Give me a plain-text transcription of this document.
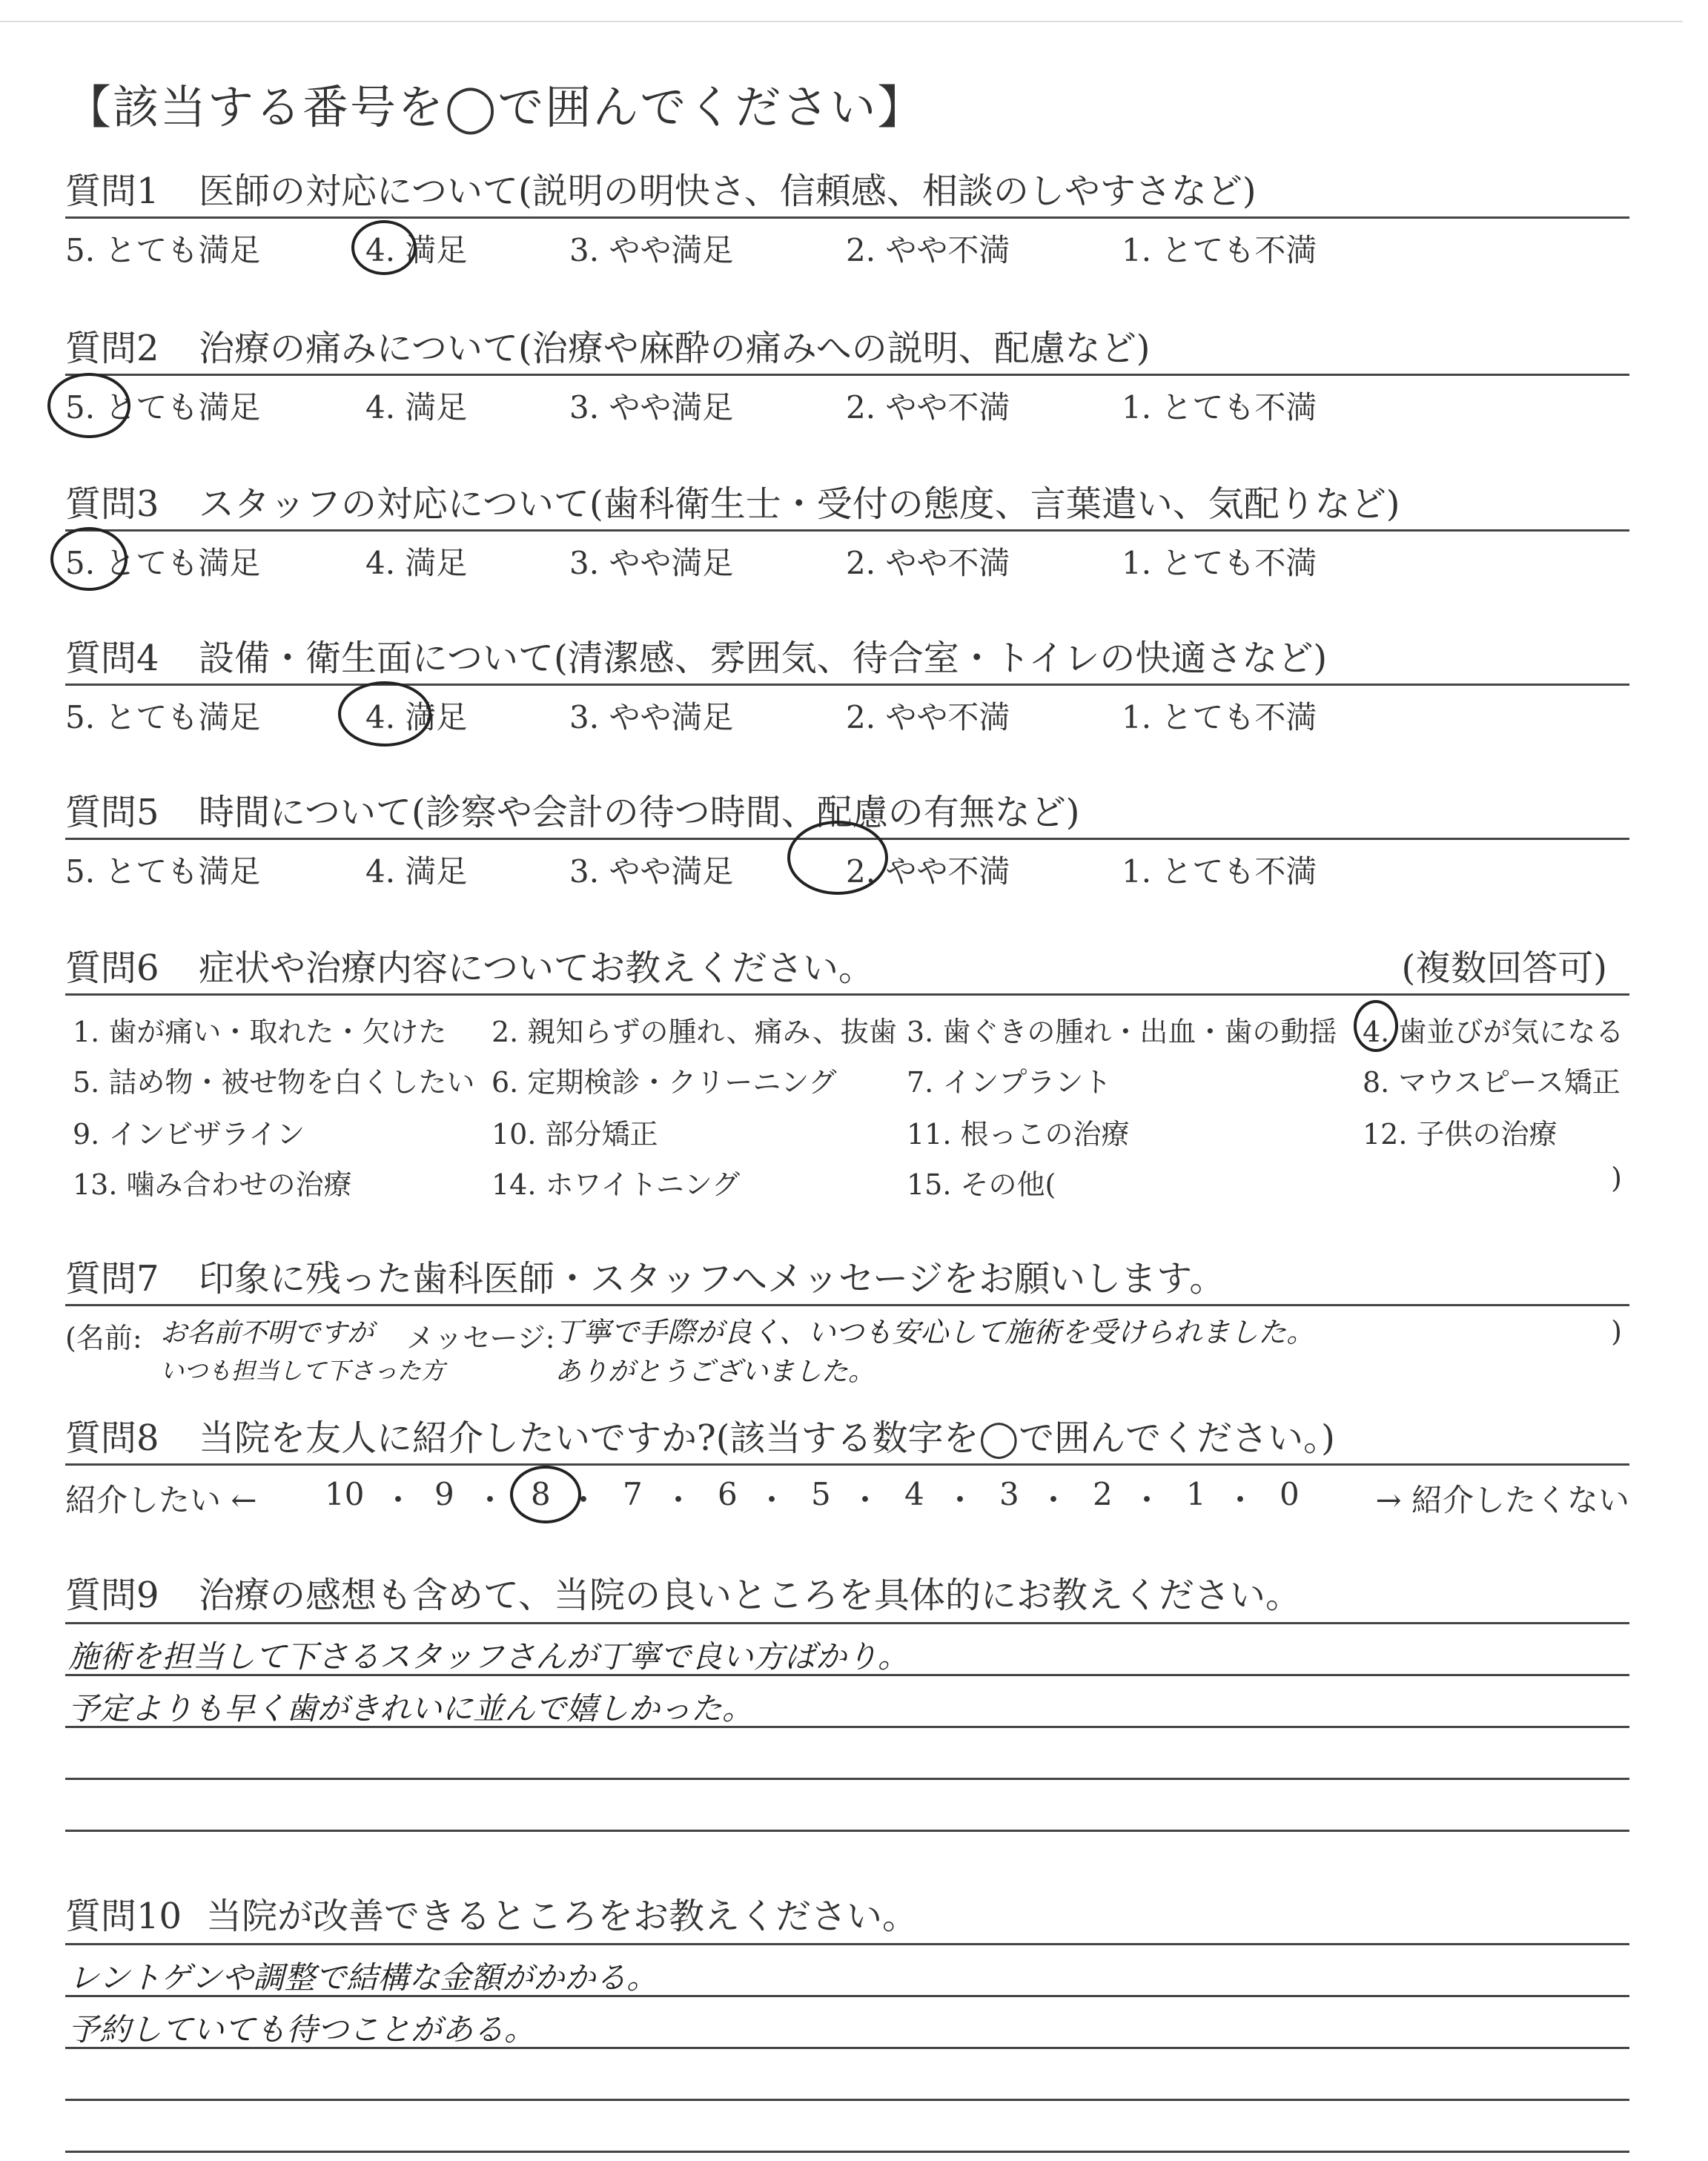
【該当する番号を◯で囲んでください】
質問1	医師の対応について(説明の明快さ、信頼感、相談のしやすさなど)
5. とても満足	4. 満足	3. やや満足	2. やや不満	1. とても不満
質問2	治療の痛みについて(治療や麻酔の痛みへの説明、配慮など)
5. とても満足	4. 満足	3. やや満足	2. やや不満	1. とても不満
質問3	スタッフの対応について(歯科衛生士・受付の態度、言葉遣い、気配りなど)
5. とても満足	4. 満足	3. やや満足	2. やや不満	1. とても不満
質問4	設備・衛生面について(清潔感、雰囲気、待合室・トイレの快適さなど)
5. とても満足	4. 満足	3. やや満足	2. やや不満	1. とても不満
質問5	時間について(診察や会計の待つ時間、配慮の有無など)
5. とても満足	4. 満足	3. やや満足	2. やや不満	1. とても不満
質問6	症状や治療内容についてお教えください。	(複数回答可)
1. 歯が痛い・取れた・欠けた 2. 親知らずの腫れ、痛み、抜歯 3. 歯ぐきの腫れ・出血・歯の動揺 4. 歯並びが気になる
5. 詰め物・被せ物を白くしたい 6. 定期検診・クリーニング 7. インプラント	8. マウスピース矯正
9. インビザライン	10. 部分矯正	11. 根っこの治療	12. 子供の治療
13. 噛み合わせの治療	14. ホワイトニング	15. その他(	)
質問7	印象に残った歯科医師・スタッフへメッセージをお願いします。
(名前: お名前不明ですが
いつも担当して下さった方
メッセージ: 丁寧で手際が良く、いつも安心して施術を受けられました。
ありがとうございました。
)
質問8	当院を友人に紹介したいですか?(該当する数字を◯で囲んでください。)
紹介したい ← 10 ・ 9 ・ 8 ・ 7 ・ 6 ・ 5 ・ 4 ・ 3 ・ 2 ・ 1 ・ 0 → 紹介したくない
質問9	治療の感想も含めて、当院の良いところを具体的にお教えください。
施術を担当して下さるスタッフさんが丁寧で良い方ばかり。
予定よりも早く歯がきれいに並んで嬉しかった。
質問10 当院が改善できるところをお教えください。
レントゲンや調整で結構な金額がかかる。
予約していても待つことがある。
